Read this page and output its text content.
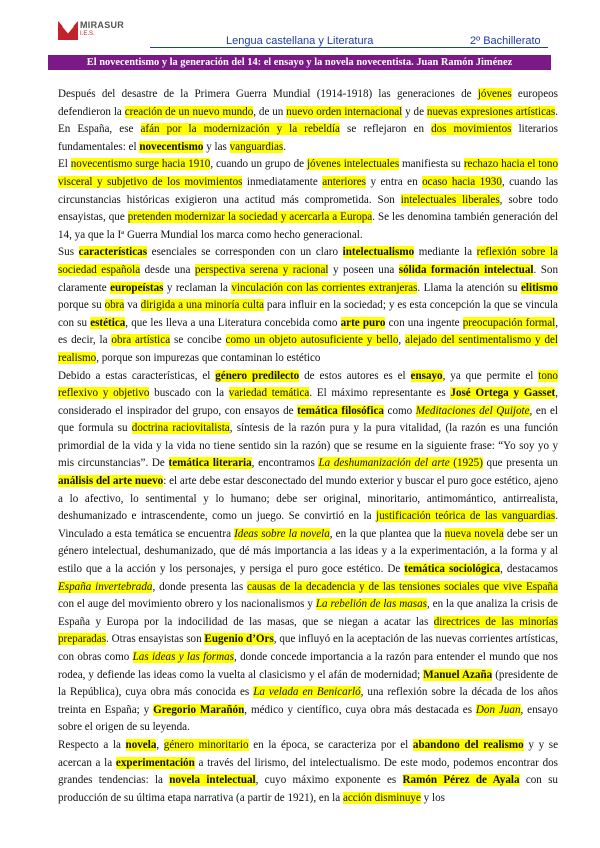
MIRASUR
I.E.S.
Lengua castellana y Literatura	2º Bachillerato
El novecentismo y la generación del 14: el ensayo y la novela novecentista. Juan Ramón Jiménez

Después del desastre de la Primera Guerra Mundial (1914-1918) las generaciones de jóvenes europeos defendieron la creación de un nuevo mundo, de un nuevo orden internacional y de nuevas expresiones artísticas. En España, ese afán por la modernización y la rebeldía se reflejaron en dos movimientos literarios fundamentales: el novecentismo y las vanguardias.

El novecentismo surge hacia 1910, cuando un grupo de jóvenes intelectuales manifiesta su rechazo hacia el tono visceral y subjetivo de los movimientos inmediatamente anteriores y entra en ocaso hacia 1930, cuando las circunstancias históricas exigieron una actitud más comprometida. Son intelectuales liberales, sobre todo ensayistas, que pretenden modernizar la sociedad y acercarla a Europa. Se les denomina también generación del 14, ya que la Iª Guerra Mundial los marca como hecho generacional.

Sus características esenciales se corresponden con un claro intelectualismo mediante la reflexión sobre la sociedad española desde una perspectiva serena y racional y poseen una sólida formación intelectual. Son claramente europeístas y reclaman la vinculación con las corrientes extranjeras. Llama la atención su elitismo porque su obra va dirigida a una minoría culta para influir en la sociedad; y es esta concepción la que se vincula con su estética, que les lleva a una Literatura concebida como arte puro con una ingente preocupación formal, es decir, la obra artística se concibe como un objeto autosuficiente y bello, alejado del sentimentalismo y del realismo, porque son impurezas que contaminan lo estético

Debido a estas características, el género predilecto de estos autores es el ensayo, ya que permite el tono reflexivo y objetivo buscado con la variedad temática. El máximo representante es José Ortega y Gasset, considerado el inspirador del grupo, con ensayos de temática filosófica como Meditaciones del Quijote, en el que formula su doctrina raciovitalista, síntesis de la razón pura y la pura vitalidad, (la razón es una función primordial de la vida y la vida no tiene sentido sin la razón) que se resume en la siguiente frase: “Yo soy yo y mis circunstancias”. De temática literaria, encontramos La deshumanización del arte (1925) que presenta un análisis del arte nuevo: el arte debe estar desconectado del mundo exterior y buscar el puro goce estético, ajeno a lo afectivo, lo sentimental y lo humano; debe ser original, minoritario, antimomántico, antirrealista, deshumanizado e intrascendente, como un juego. Se convirtió en la justificación teórica de las vanguardias. Vinculado a esta temática se encuentra Ideas sobre la novela, en la que plantea que la nueva novela debe ser un género intelectual, deshumanizado, que dé más importancia a las ideas y a la experimentación, a la forma y al estilo que a la acción y los personajes, y persiga el puro goce estético. De temática sociológica, destacamos España invertebrada, donde presenta las causas de la decadencia y de las tensiones sociales que vive España con el auge del movimiento obrero y los nacionalismos y La rebelión de las masas, en la que analiza la crisis de España y Europa por la indocilidad de las masas, que se niegan a acatar las directrices de las minorías preparadas. Otras ensayistas son Eugenio d’Ors, que influyó en la aceptación de las nuevas corrientes artísticas, con obras como Las ideas y las formas, donde concede importancia a la razón para entender el mundo que nos rodea, y defiende las ideas como la vuelta al clasicismo y el afán de modernidad; Manuel Azaña (presidente de la República), cuya obra más conocida es La velada en Benicarló, una reflexión sobre la década de los años treinta en España; y Gregorio Marañón, médico y científico, cuya obra más destacada es Don Juan, ensayo sobre el origen de su leyenda.

Respecto a la novela, género minoritario en la época, se caracteriza por el abandono del realismo y y se acercan a la experimentación a través del lirismo, del intelectualismo. De este modo, podemos encontrar dos grandes tendencias: la novela intelectual, cuyo máximo exponente es Ramón Pérez de Ayala con su producción de su última etapa narrativa (a partir de 1921), en la acción disminuye y los
